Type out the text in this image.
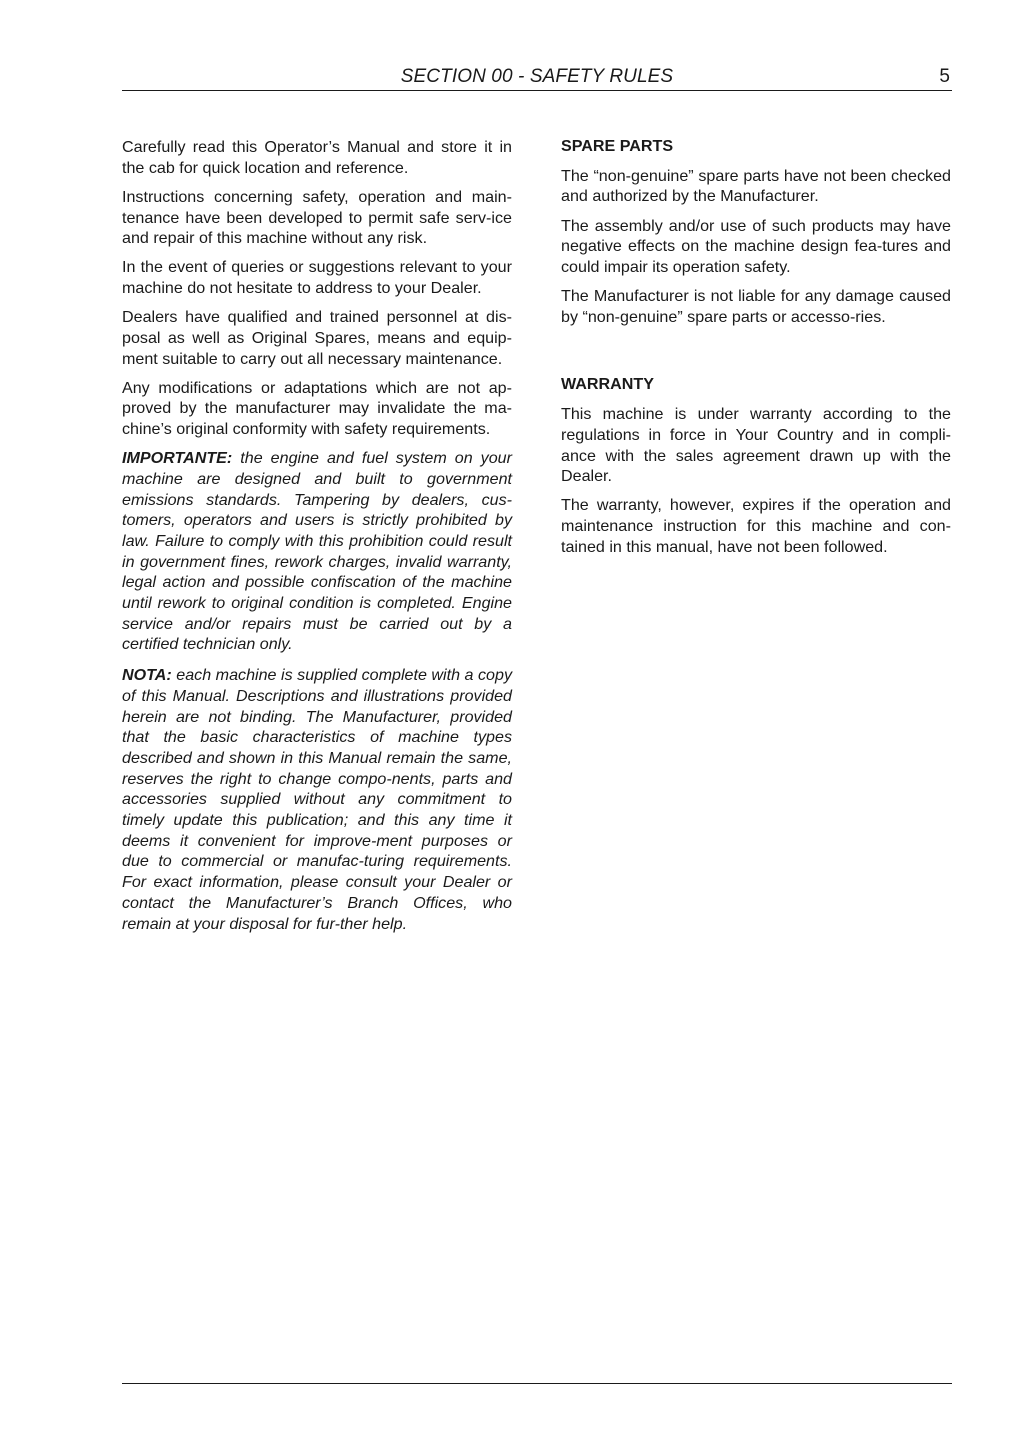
SECTION 00 - SAFETY RULES	5

Carefully read this Operator’s Manual and store it in the cab for quick location and reference.

Instructions concerning safety, operation and main-tenance have been developed to permit safe serv-ice and repair of this machine without any risk.

In the event of queries or suggestions relevant to your machine do not hesitate to address to your Dealer.

Dealers have qualified and trained personnel at dis-posal as well as Original Spares, means and equip-ment suitable to carry out all necessary maintenance.

Any modifications or adaptations which are not ap-proved by the manufacturer may invalidate the ma-chine’s original conformity with safety requirements.

IMPORTANTE: the engine and fuel system on your machine are designed and built to government emissions standards. Tampering by dealers, cus-tomers, operators and users is strictly prohibited by law. Failure to comply with this prohibition could result in government fines, rework charges, invalid warranty, legal action and possible confiscation of the machine until rework to original condition is completed. Engine service and/or repairs must be carried out by a certified technician only.

NOTA: each machine is supplied complete with a copy of this Manual. Descriptions and illustrations provided herein are not binding. The Manufacturer, provided that the basic characteristics of machine types described and shown in this Manual remain the same, reserves the right to change compo-nents, parts and accessories supplied without any commitment to timely update this publication; and this any time it deems it convenient for improve-ment purposes or due to commercial or manufac-turing requirements. For exact information, please consult your Dealer or contact the Manufacturer’s Branch Offices, who remain at your disposal for fur-ther help.

SPARE PARTS

The “non-genuine” spare parts have not been checked and authorized by the Manufacturer.

The assembly and/or use of such products may have negative effects on the machine design fea-tures and could impair its operation safety.

The Manufacturer is not liable for any damage caused by “non-genuine” spare parts or accesso-ries.

WARRANTY

This machine is under warranty according to the regulations in force in Your Country and in compli-ance with the sales agreement drawn up with the Dealer.

The warranty, however, expires if the operation and maintenance instruction for this machine and con-tained in this manual, have not been followed.
